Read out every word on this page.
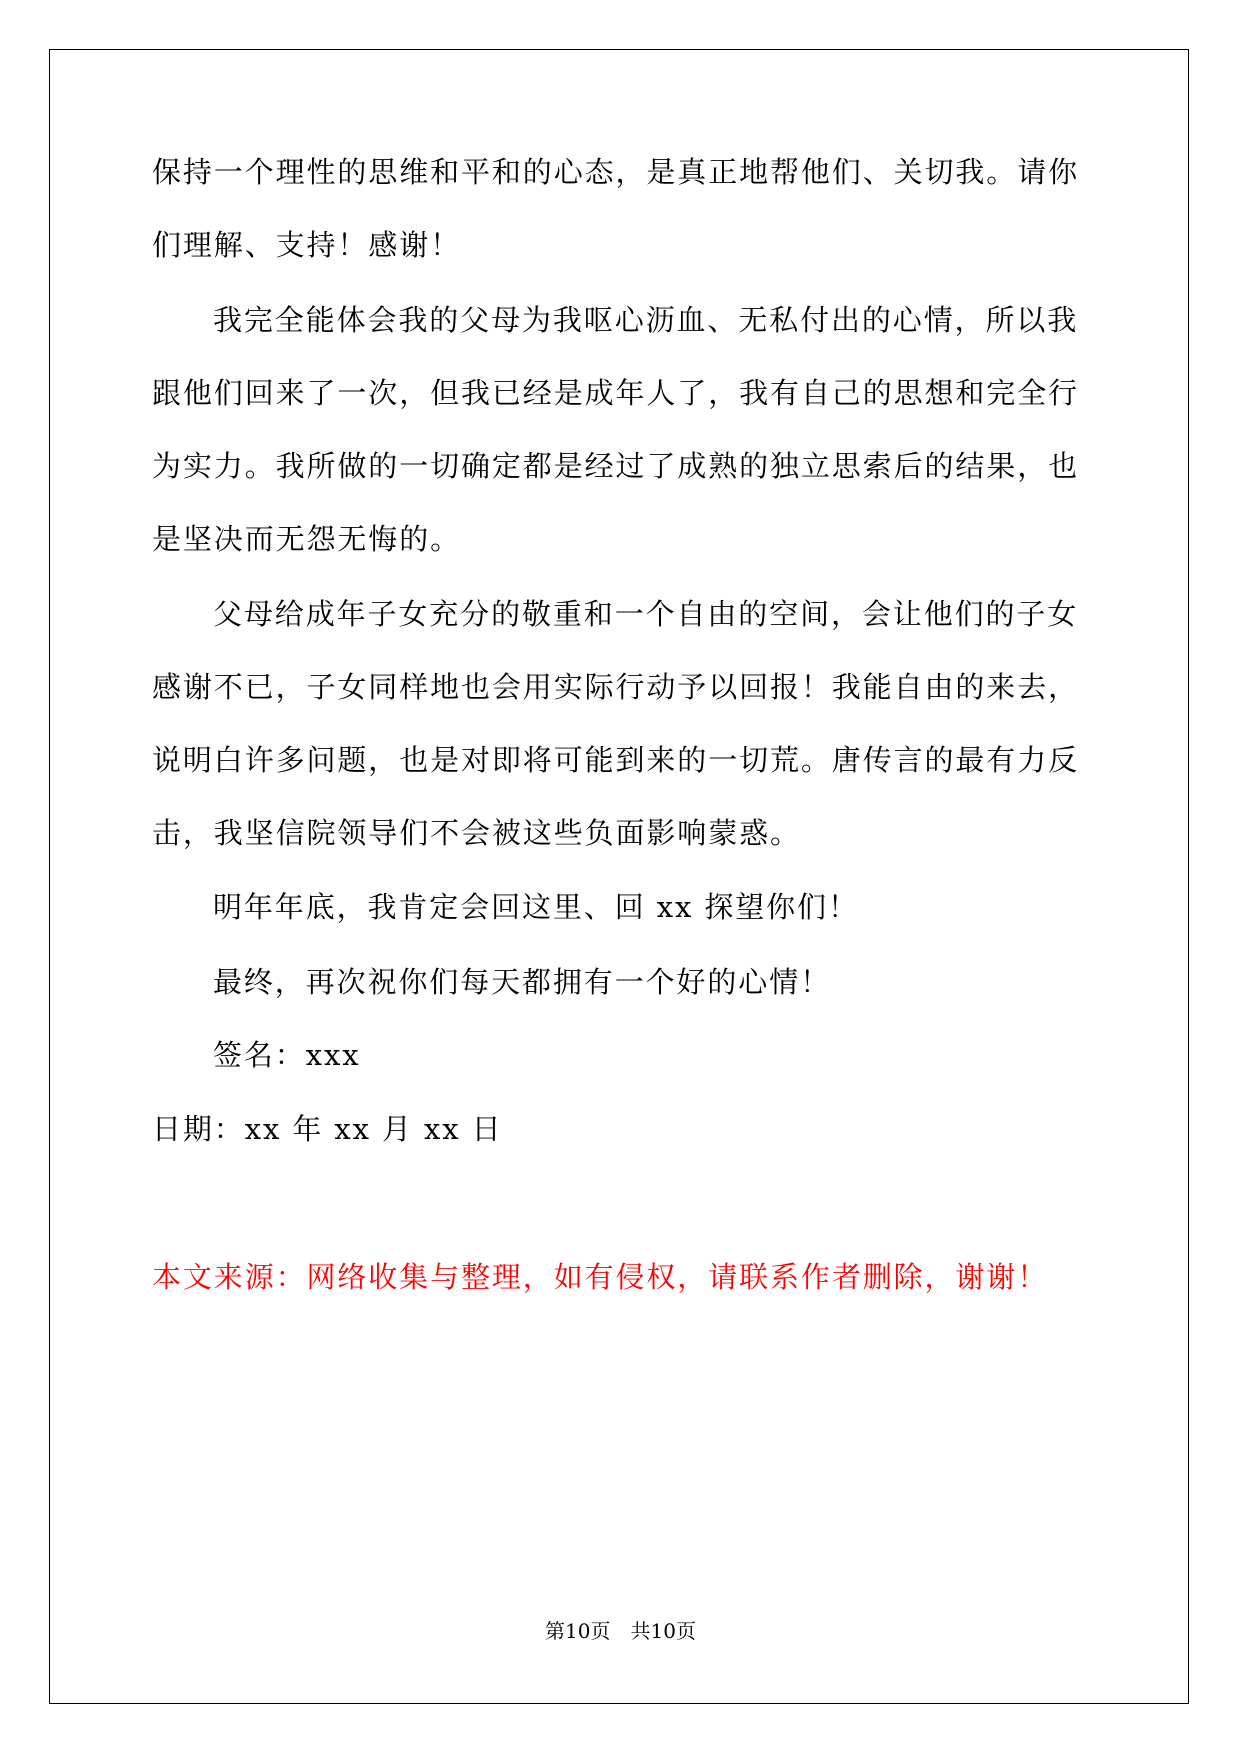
保持一个理性的思维和平和的心态，是真正地帮他们、关切我。请你
们理解、支持！感谢！
我完全能体会我的父母为我呕心沥血、无私付出的心情，所以我
跟他们回来了一次，但我已经是成年人了，我有自己的思想和完全行
为实力。我所做的一切确定都是经过了成熟的独立思索后的结果，也
是坚决而无怨无悔的。
父母给成年子女充分的敬重和一个自由的空间，会让他们的子女
感谢不已，子女同样地也会用实际行动予以回报！我能自由的来去，
说明白许多问题，也是对即将可能到来的一切荒。唐传言的最有力反
击，我坚信院领导们不会被这些负面影响蒙惑。
明年年底，我肯定会回这里、回 xx 探望你们！
最终，再次祝你们每天都拥有一个好的心情！
签名：xxx
日期：xx 年 xx 月 xx 日
本文来源：网络收集与整理，如有侵权，请联系作者删除，谢谢！
第10页 共10页
